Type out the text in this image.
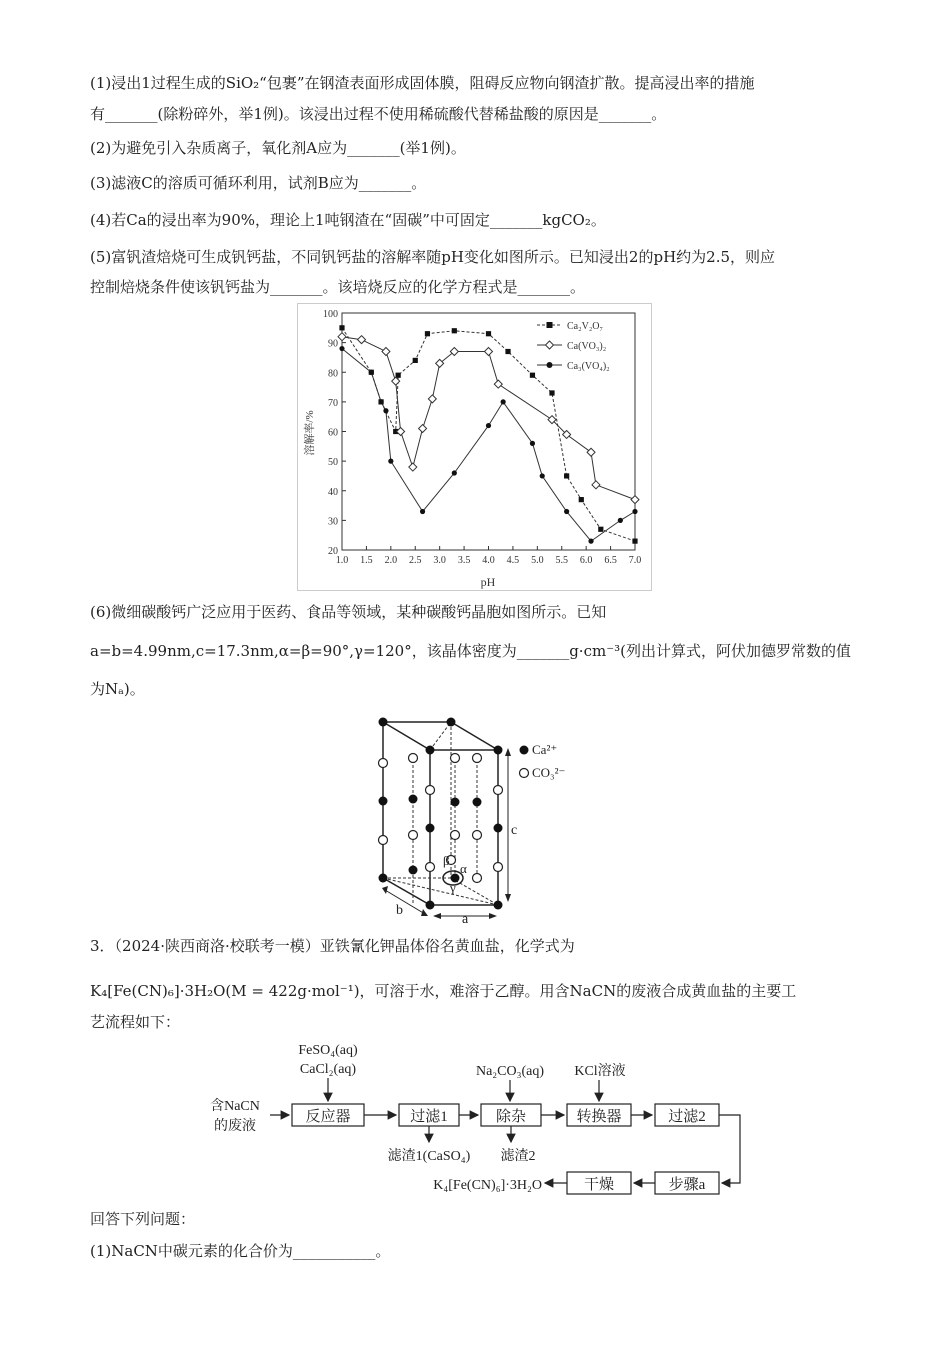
(1)浸出1过程生成的SiO₂“包裹”在钢渣表面形成固体膜，阻碍反应物向钢渣扩散。提高浸出率的措施
有_______(除粉碎外，举1例)。该浸出过程不使用稀硫酸代替稀盐酸的原因是_______。
(2)为避免引入杂质离子，氧化剂A应为_______(举1例)。
(3)滤液C的溶质可循环利用，试剂B应为_______。
(4)若Ca的浸出率为90%，理论上1吨钢渣在“固碳”中可固定_______kgCO₂。
(5)富钒渣焙烧可生成钒钙盐，不同钒钙盐的溶解率随pH变化如图所示。已知浸出2的pH约为2.5，则应
控制焙烧条件使该钒钙盐为_______。该培烧反应的化学方程式是_______。
1.0 1.5 2.0 2.5 3.0 3.5 4.0 4.5 5.0 5.5 6.0 6.5 7.0
20
30
40
50
60
70
80
90
100
溶解率/%
pH
Ca₂V₂O₇
Ca(VO₃)₂
Ca₃(VO₄)₂
(6)微细碳酸钙广泛应用于医药、食品等领域，某种碳酸钙晶胞如图所示。已知
a=b=4.99nm,c=17.3nm,α=β=90°,γ=120°，该晶体密度为_______g·cm⁻³(列出计算式，阿伏加德罗常数的值
为Nₐ)。
β
α
γ
c
a
b
Ca²⁺
CO₃²⁻
3．（2024·陕西商洛·校联考一模）亚铁氰化钾晶体俗名黄血盐，化学式为
K₄[Fe(CN)₆]·3H₂O(M = 422g·mol⁻¹)，可溶于水，难溶于乙醇。用含NaCN的废液合成黄血盐的主要工
艺流程如下：
FeSO₄(aq)
CaCl₂(aq)	Na₂CO₃(aq) KCl溶液
含NaCN
的废液
反应器	过滤1	除杂	转换器	过滤2
步骤a
干燥
滤渣1(CaSO₄) 滤渣2
K₄[Fe(CN)₆]·3H₂O
回答下列问题：
(1)NaCN中碳元素的化合价为___________。
